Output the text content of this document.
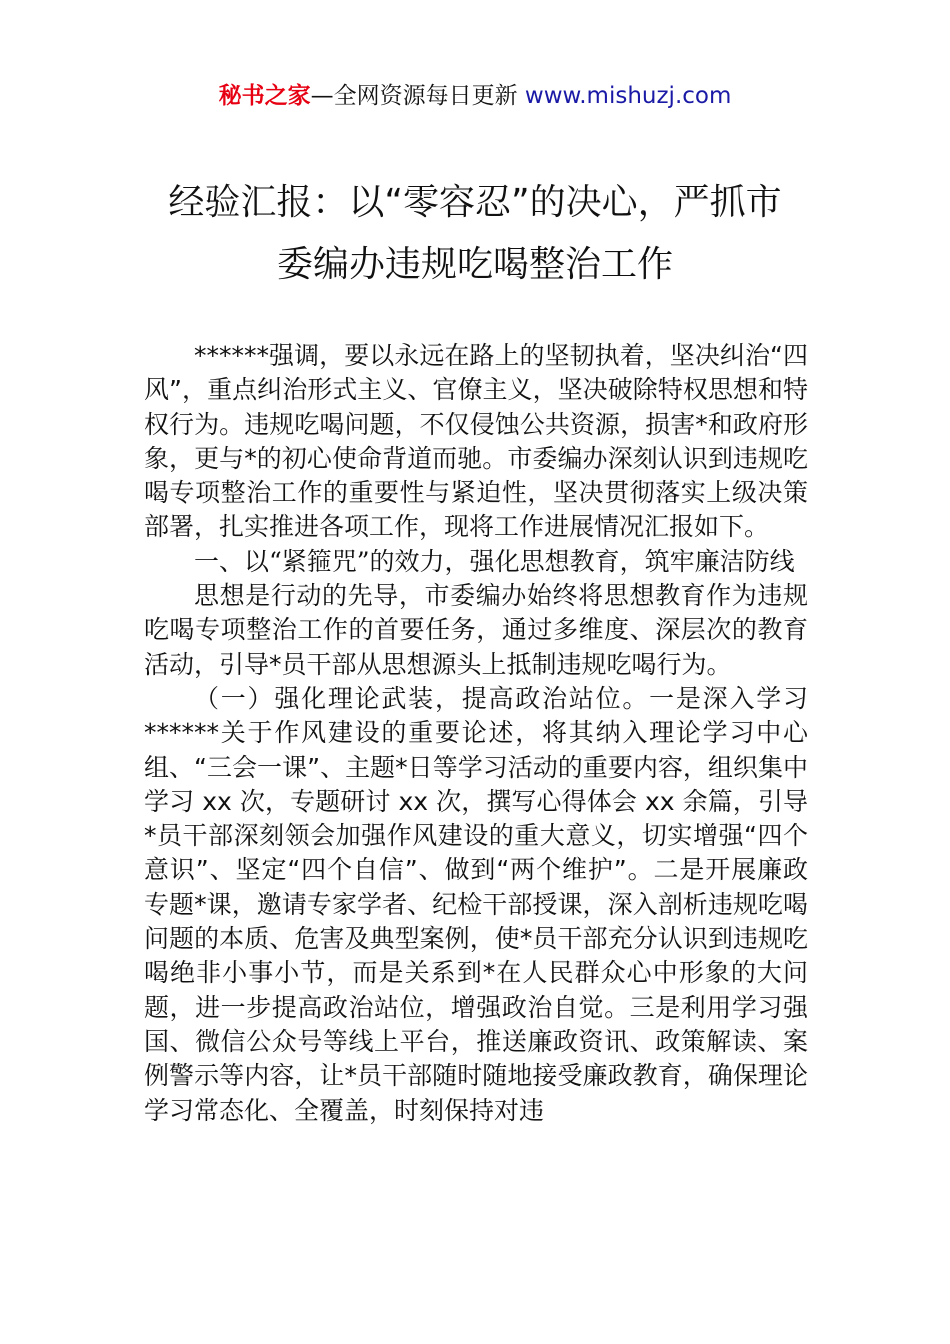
秘书之家—全网资源每日更新 www.mishuzj.com
经验汇报：以“零容忍”的决心，严抓市
委编办违规吃喝整治工作

******强调，要以永远在路上的坚韧执着，坚决纠治“四风”，重点纠治形式主义、官僚主义，坚决破除特权思想和特权行为。违规吃喝问题，不仅侵蚀公共资源，损害*和政府形象，更与*的初心使命背道而驰。市委编办深刻认识到违规吃喝专项整治工作的重要性与紧迫性，坚决贯彻落实上级决策部署，扎实推进各项工作，现将工作进展情况汇报如下。

一、以“紧箍咒”的效力，强化思想教育，筑牢廉洁防线

思想是行动的先导，市委编办始终将思想教育作为违规吃喝专项整治工作的首要任务，通过多维度、深层次的教育活动，引导*员干部从思想源头上抵制违规吃喝行为。

（一）强化理论武装，提高政治站位。一是深入学习******关于作风建设的重要论述，将其纳入理论学习中心组、“三会一课”、主题*日等学习活动的重要内容，组织集中学习 xx 次，专题研讨 xx 次，撰写心得体会 xx 余篇，引导*员干部深刻领会加强作风建设的重大意义，切实增强“四个意识”、坚定“四个自信”、做到“两个维护”。二是开展廉政专题*课，邀请专家学者、纪检干部授课，深入剖析违规吃喝问题的本质、危害及典型案例，使*员干部充分认识到违规吃喝绝非小事小节，而是关系到*在人民群众心中形象的大问题，进一步提高政治站位，增强政治自觉。三是利用学习强国、微信公众号等线上平台，推送廉政资讯、政策解读、案例警示等内容，让*员干部随时随地接受廉政教育，确保理论学习常态化、全覆盖，时刻保持对违
